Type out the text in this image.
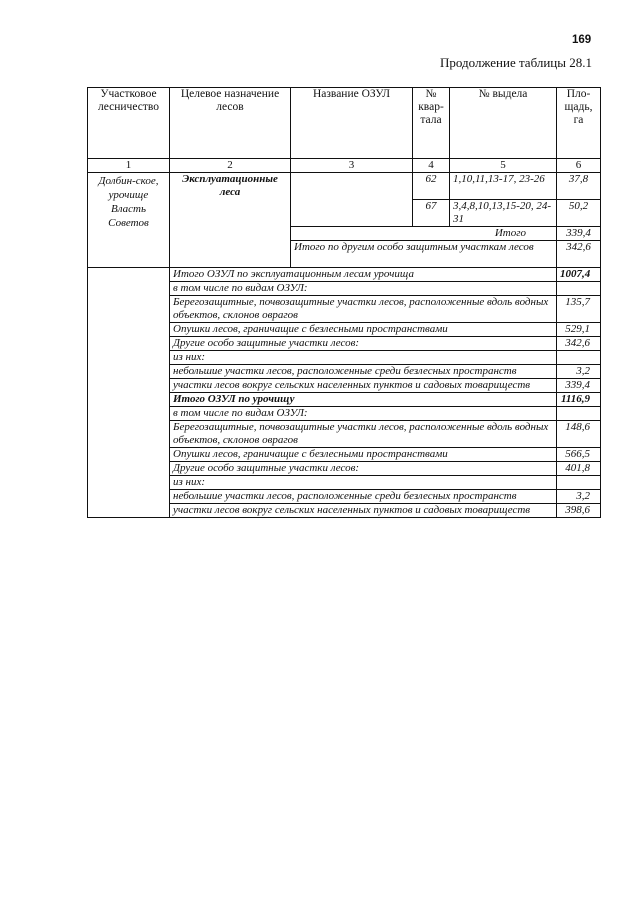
169
Продолжение таблицы 28.1
Участковое лесничество	Целевое назначение лесов	Название ОЗУЛ	№ квар-тала	№ выдела	Пло-щадь, га
1	2	3	4	5	6
Долбин-ское, урочище Власть Советов	Эксплуатационные леса		62	1,10,11,13-17, 23-26	37,8
			67	3,4,8,10,13,15-20, 24-31	50,2
		Итого			339,4
		Итого по другим особо защитным участкам лесов			342,6
	Итого ОЗУЛ по эксплуатационным лесам урочища				1007,4
	в том числе по видам ОЗУЛ:				
	Берегозащитные, почвозащитные участки лесов, расположенные вдоль водных объектов, склонов оврагов				135,7
	Опушки лесов, граничащие с безлесными пространствами				529,1
	Другие особо защитные участки лесов:				342,6
	из них:				
	небольшие участки лесов, расположенные среди безлесных пространств				3,2
	участки лесов вокруг сельских населенных пунктов и садовых товариществ				339,4
	Итого ОЗУЛ по урочищу				1116,9
	в том числе по видам ОЗУЛ:				
	Берегозащитные, почвозащитные участки лесов, расположенные вдоль водных объектов, склонов оврагов				148,6
	Опушки лесов, граничащие с безлесными пространствами				566,5
	Другие особо защитные участки лесов:				401,8
	из них:				
	небольшие участки лесов, расположенные среди безлесных пространств				3,2
	участки лесов вокруг сельских населенных пунктов и садовых товариществ				398,6
